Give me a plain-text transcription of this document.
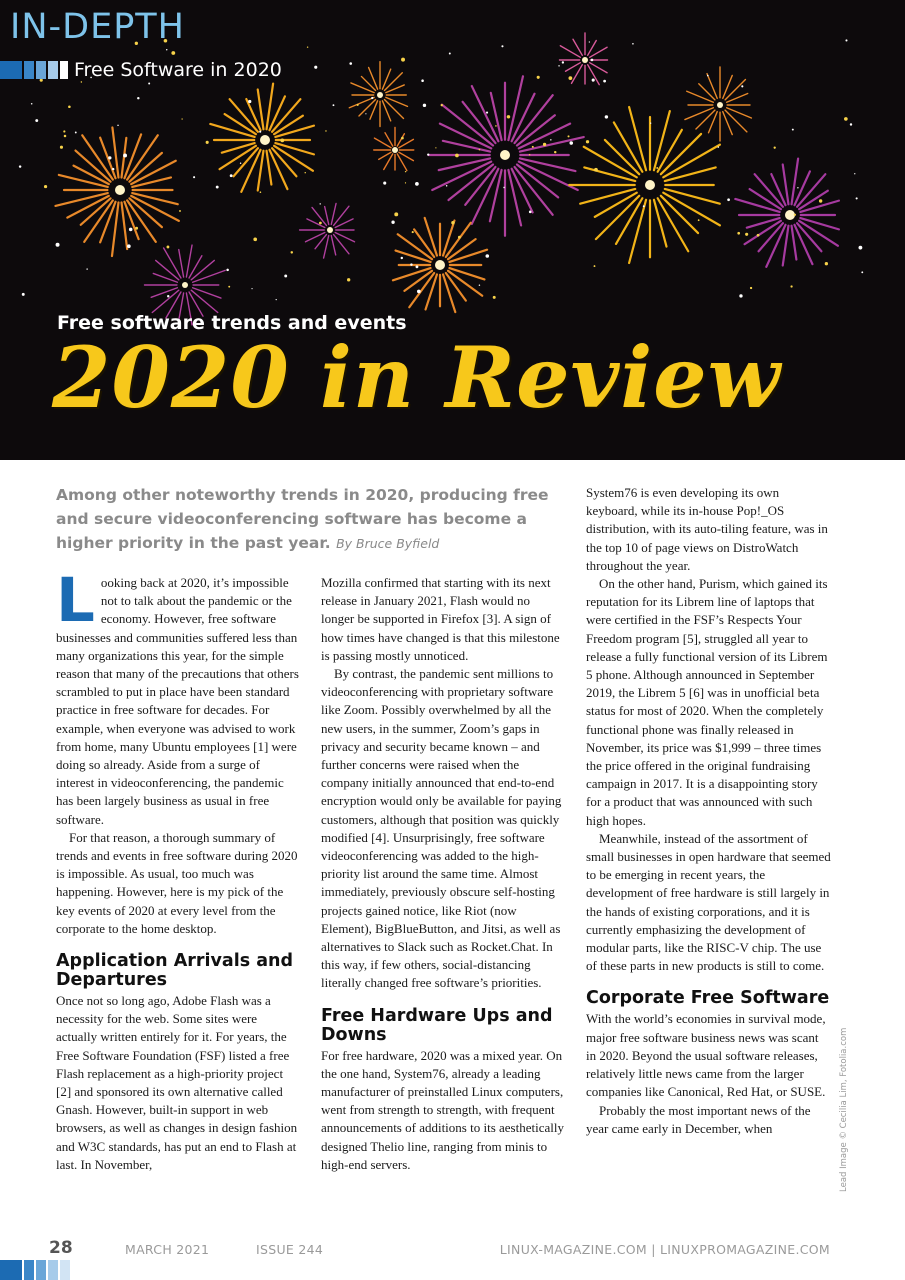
IN-DEPTH
Free Software in 2020
Free software trends and events
2020 in Review
Among other noteworthy trends in 2020, producing free and secure videoconferencing software has become a higher priority in the past year. By Bruce Byfield

Looking back at 2020, it’s impossible not to talk about the pandemic or the economy. However, free software businesses and communities suffered less than many organizations this year, for the simple reason that many of the precautions that others scrambled to put in place have been standard practice in free software for decades. For example, when everyone was advised to work from home, many Ubuntu employees [1] were doing so already. Aside from a surge of interest in videoconferencing, the pandemic has been largely business as usual in free software.

For that reason, a thorough summary of trends and events in free software during 2020 is impossible. As usual, too much was happening. However, here is my pick of the key events of 2020 at every level from the corporate to the home desktop.

Application Arrivals and Departures

Once not so long ago, Adobe Flash was a necessity for the web. Some sites were actually written entirely for it. For years, the Free Software Foundation (FSF) listed a free Flash replacement as a high-priority project [2] and sponsored its own alternative called Gnash. However, built-in support in web browsers, as well as changes in design fashion and W3C standards, has put an end to Flash at last. In November,

Mozilla confirmed that starting with its next release in January 2021, Flash would no longer be supported in Firefox [3]. A sign of how times have changed is that this milestone is passing mostly unnoticed.

By contrast, the pandemic sent millions to videoconferencing with proprietary software like Zoom. Possibly overwhelmed by all the new users, in the summer, Zoom’s gaps in privacy and security became known – and further concerns were raised when the company initially announced that end-to-end encryption would only be available for paying customers, although that position was quickly modified [4]. Unsurprisingly, free software videoconferencing was added to the high-priority list around the same time. Almost immediately, previously obscure self-hosting projects gained notice, like Riot (now Element), BigBlueButton, and Jitsi, as well as alternatives to Slack such as Rocket.Chat. In this way, if few others, social-distancing literally changed free software’s priorities.

Free Hardware Ups and Downs

For free hardware, 2020 was a mixed year. On the one hand, System76, already a leading manufacturer of preinstalled Linux computers, went from strength to strength, with frequent announcements of additions to its aesthetically designed Thelio line, ranging from minis to high-end servers.

System76 is even developing its own keyboard, while its in-house Pop!_OS distribution, with its auto-tiling feature, was in the top 10 of page views on DistroWatch throughout the year.

On the other hand, Purism, which gained its reputation for its Librem line of laptops that were certified in the FSF’s Respects Your Freedom program [5], struggled all year to release a fully functional version of its Librem 5 phone. Although announced in September 2019, the Librem 5 [6] was in unofficial beta status for most of 2020. When the completely functional phone was finally released in November, its price was $1,999 – three times the price offered in the original fundraising campaign in 2017. It is a disappointing story for a product that was announced with such high hopes.

Meanwhile, instead of the assortment of small businesses in open hardware that seemed to be emerging in recent years, the development of free hardware is still largely in the hands of existing corporations, and it is currently emphasizing the development of modular parts, like the RISC-V chip. The use of these parts in new products is still to come.

Corporate Free Software

With the world’s economies in survival mode, major free software business news was scant in 2020. Beyond the usual software releases, relatively little news came from the larger companies like Canonical, Red Hat, or SUSE.

Probably the most important news of the year came early in December, when	Lead Image © Cecilia Lim, Fotolia.com
28	MARCH 2021	ISSUE 244	LINUX-MAGAZINE.COM | LINUXPROMAGAZINE.COM
